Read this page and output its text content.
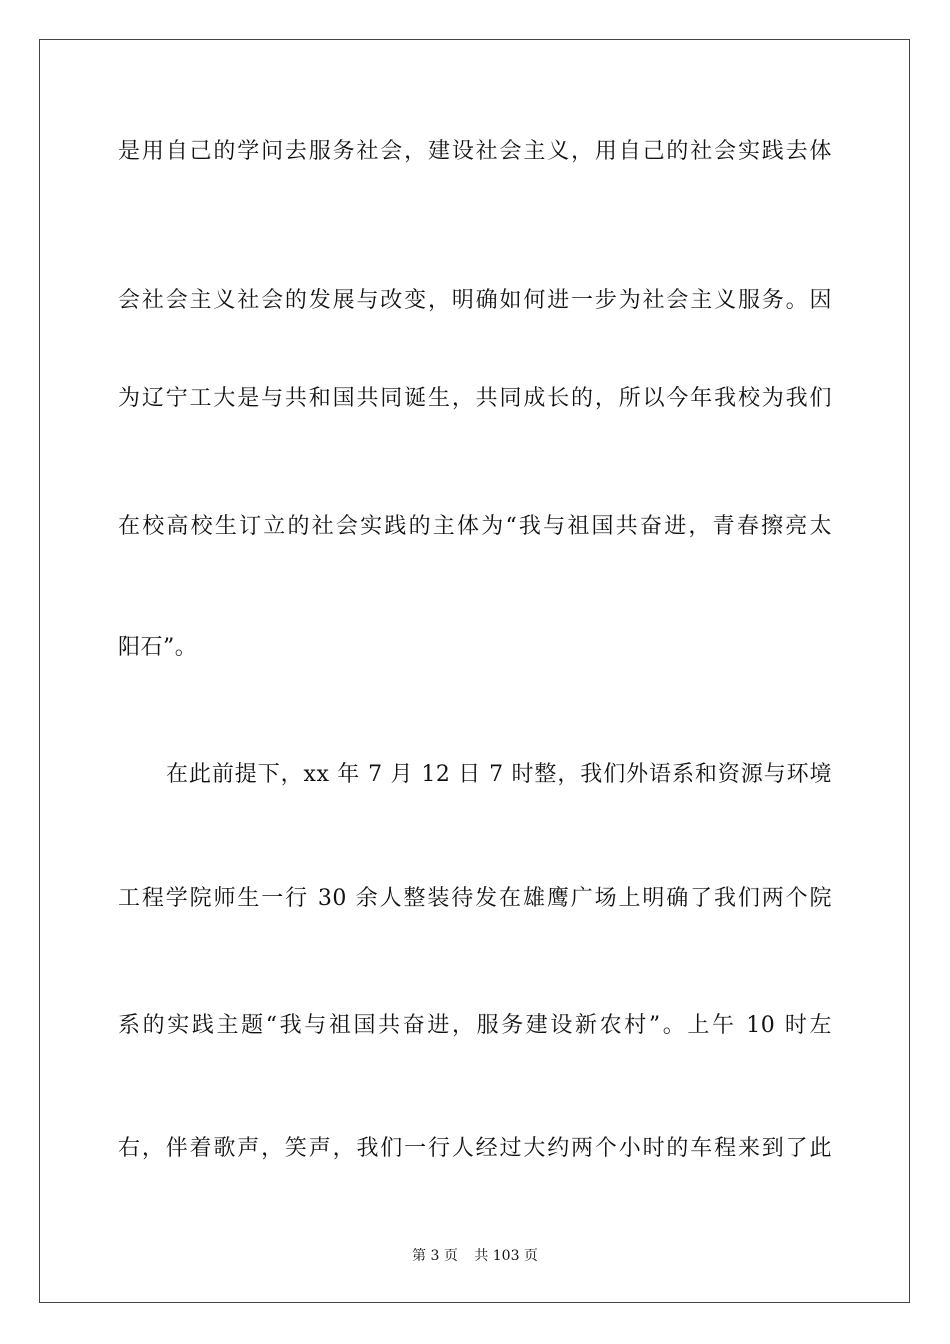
是用自己的学问去服务社会，建设社会主义，用自己的社会实践去体
会社会主义社会的发展与改变，明确如何进一步为社会主义服务。因
为辽宁工大是与共和国共同诞生，共同成长的，所以今年我校为我们
在校高校生订立的社会实践的主体为“我与祖国共奋进，青春擦亮太
阳石”。
在此前提下，xx 年 7 月 12 日 7 时整，我们外语系和资源与环境
工程学院师生一行 30 余人整装待发在雄鹰广场上明确了我们两个院
系的实践主题“我与祖国共奋进，服务建设新农村”。上午 10 时左
右，伴着歌声，笑声，我们一行人经过大约两个小时的车程来到了此
第 3 页 共 103 页
